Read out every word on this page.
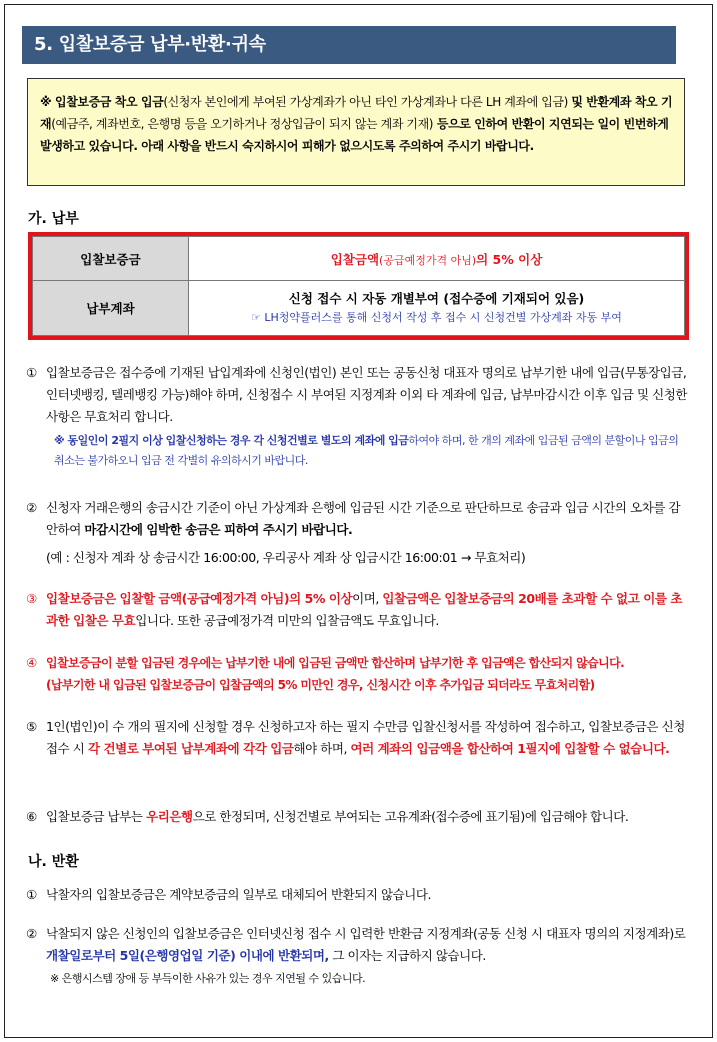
5. 입찰보증금 납부·반환·귀속
※ 입찰보증금 착오 입금(신청자 본인에게 부여된 가상계좌가 아닌 타인 가상계좌나 다른 LH 계좌에 입금) 및 반환계좌 착오 기재(예금주, 계좌번호, 은행명 등을 오기하거나 정상입금이 되지 않는 계좌 기재) 등으로 인하여 반환이 지연되는 일이 빈번하게 발생하고 있습니다. 아래 사항을 반드시 숙지하시어 피해가 없으시도록 주의하여 주시기 바랍니다.
가. 납부
입찰보증금	입찰금액(공급예정가격 아님)의 5% 이상
납부계좌	신청 접수 시 자동 개별부여 (접수증에 기재되어 있음)
☞ LH청약플러스를 통해 신청서 작성 후 접수 시 신청건별 가상계좌 자동 부여
① 입찰보증금은 접수증에 기재된 납입계좌에 신청인(법인) 본인 또는 공동신청 대표자 명의로 납부기한 내에 입금(무통장입금, 인터넷뱅킹, 텔레뱅킹 가능)해야 하며, 신청접수 시 부여된 지정계좌 이외 타 계좌에 입금, 납부마감시간 이후 입금 및 신청한 사항은 무효처리 합니다.
※ 동일인이 2필지 이상 입찰신청하는 경우 각 신청건별로 별도의 계좌에 입금하여야 하며, 한 개의 계좌에 입금된 금액의 분할이나 입금의 취소는 불가하오니 입금 전 각별히 유의하시기 바랍니다.
② 신청자 거래은행의 송금시간 기준이 아닌 가상계좌 은행에 입금된 시간 기준으로 판단하므로 송금과 입금 시간의 오차를 감안하여 마감시간에 임박한 송금은 피하여 주시기 바랍니다.
(예 : 신청자 계좌 상 송금시간 16:00:00, 우리공사 계좌 상 입금시간 16:00:01 → 무효처리)
③ 입찰보증금은 입찰할 금액(공급예정가격 아님)의 5% 이상이며, 입찰금액은 입찰보증금의 20배를 초과할 수 없고 이를 초과한 입찰은 무효입니다. 또한 공급예정가격 미만의 입찰금액도 무효입니다.
④ 입찰보증금이 분할 입금된 경우에는 납부기한 내에 입금된 금액만 합산하며 납부기한 후 입금액은 합산되지 않습니다.
(납부기한 내 입금된 입찰보증금이 입찰금액의 5% 미만인 경우, 신청시간 이후 추가입금 되더라도 무효처리함)
⑤ 1인(법인)이 수 개의 필지에 신청할 경우 신청하고자 하는 필지 수만큼 입찰신청서를 작성하여 접수하고, 입찰보증금은 신청 접수 시 각 건별로 부여된 납부계좌에 각각 입금해야 하며, 여러 계좌의 입금액을 합산하여 1필지에 입찰할 수 없습니다.
⑥ 입찰보증금 납부는 우리은행으로 한정되며, 신청건별로 부여되는 고유계좌(접수증에 표기됨)에 입금해야 합니다.
나. 반환
① 낙찰자의 입찰보증금은 계약보증금의 일부로 대체되어 반환되지 않습니다.
② 낙찰되지 않은 신청인의 입찰보증금은 인터넷신청 접수 시 입력한 반환금 지정계좌(공동 신청 시 대표자 명의의 지정계좌)로 개찰일로부터 5일(은행영업일 기준) 이내에 반환되며, 그 이자는 지급하지 않습니다.
※ 은행시스템 장애 등 부득이한 사유가 있는 경우 지연될 수 있습니다.
